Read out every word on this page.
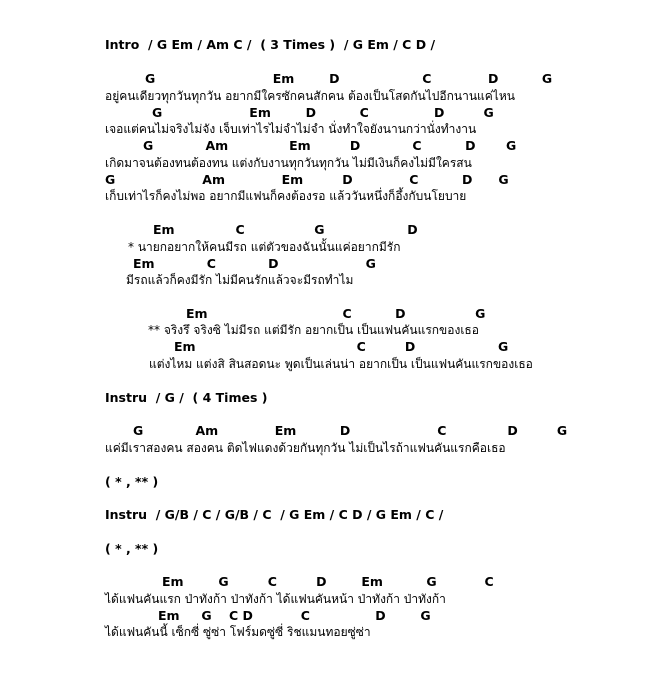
Intro  / G Em / Am C /  ( 3 Times )  / G Em / C D /
G                           Em        D                   C             D          G
อยู่คนเดียวทุกวันทุกวัน อยากมีใครซักคนสักคน ต้องเป็นโสดกันไปอีกนานแค่ไหน
G                    Em        D          C               D         G
เจอแต่คนไม่จริงไม่จัง เจ็บเท่าไรไม่จำไม่จำ นั่งทำใจยังนานกว่านั่งทำงาน
G            Am              Em         D            C          D       G
เกิดมาจนต้องทนต้องทน แต่งกับงานทุกวันทุกวัน ไม่มีเงินก็คงไม่มีใครสน
G                    Am             Em         D             C          D      G
เก็บเท่าไรก็คงไม่พอ อยากมีแฟนก็คงต้องรอ แล้ววันหนึ่งก็อึ้งกับนโยบาย
Em              C                G                   D
* นายกอยากให้คนมีรถ แต่ตัวของฉันนั้นแค่อยากมีรัก
Em            C            D                    G
มีรถแล้วก็คงมีรัก ไม่มีคนรักแล้วจะมีรถทำไม
Em                               C          D                G
** จริงรึ จริงซิ ไม่มีรถ แต่มีรัก อยากเป็น เป็นแฟนคันแรกของเธอ
Em                                     C         D                   G
แต่งไหม แต่งสิ สินสอดนะ พูดเป็นเล่นน่า อยากเป็น เป็นแฟนคันแรกของเธอ
Instru  / G /  ( 4 Times )
G            Am             Em          D                    C              D         G
แค่มีเราสองคน สองคน ติดไฟแดงด้วยกันทุกวัน ไม่เป็นไรถ้าแฟนคันแรกคือเธอ
( * , ** )
Instru  / G/B / C / G/B / C  / G Em / C D / G Em / C /
( * , ** )
Em        G         C         D        Em          G           C
ได้แฟนคันแรก ป่าทังก้า ป่าทังก้า ได้แฟนคันหน้า ป่าทังก้า ป่าทังก้า
Em     G    C D           C               D        G
ได้แฟนคันนี้ เซ็กซี่ ซู่ซ่า โฟร์มดซู่ซี่ ริชแมนทอยซู่ซ่า
